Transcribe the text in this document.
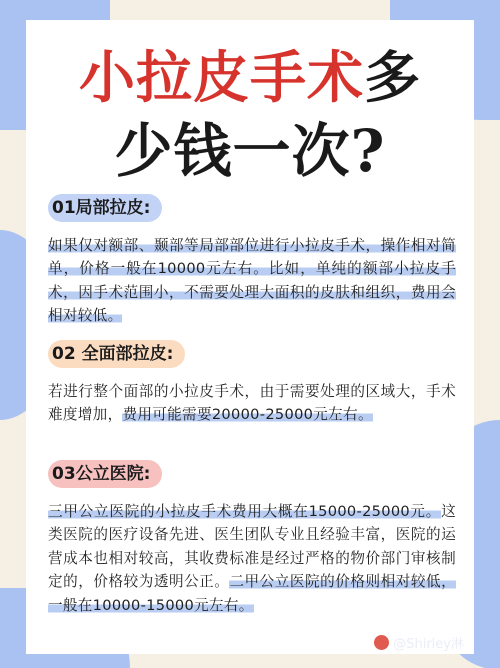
小拉皮手术多
少钱一次?
01局部拉皮:
如果仅对额部、颞部等局部部位进行小拉皮手术，操作相对简单，价格一般在10000元左右。比如，单纯的额部小拉皮手术，因手术范围小，不需要处理大面积的皮肤和组织，费用会相对较低。
02 全面部拉皮:
若进行整个面部的小拉皮手术，由于需要处理的区域大，手术难度增加，费用可能需要20000-25000元左右。
03公立医院:
三甲公立医院的小拉皮手术费用大概在15000-25000元。这类医院的医疗设备先进、医生团队专业且经验丰富，医院的运营成本也相对较高，其收费标准是经过严格的物价部门审核制定的，价格较为透明公正。二甲公立医院的价格则相对较低，一般在10000-15000元左右。
@Shirley淋
